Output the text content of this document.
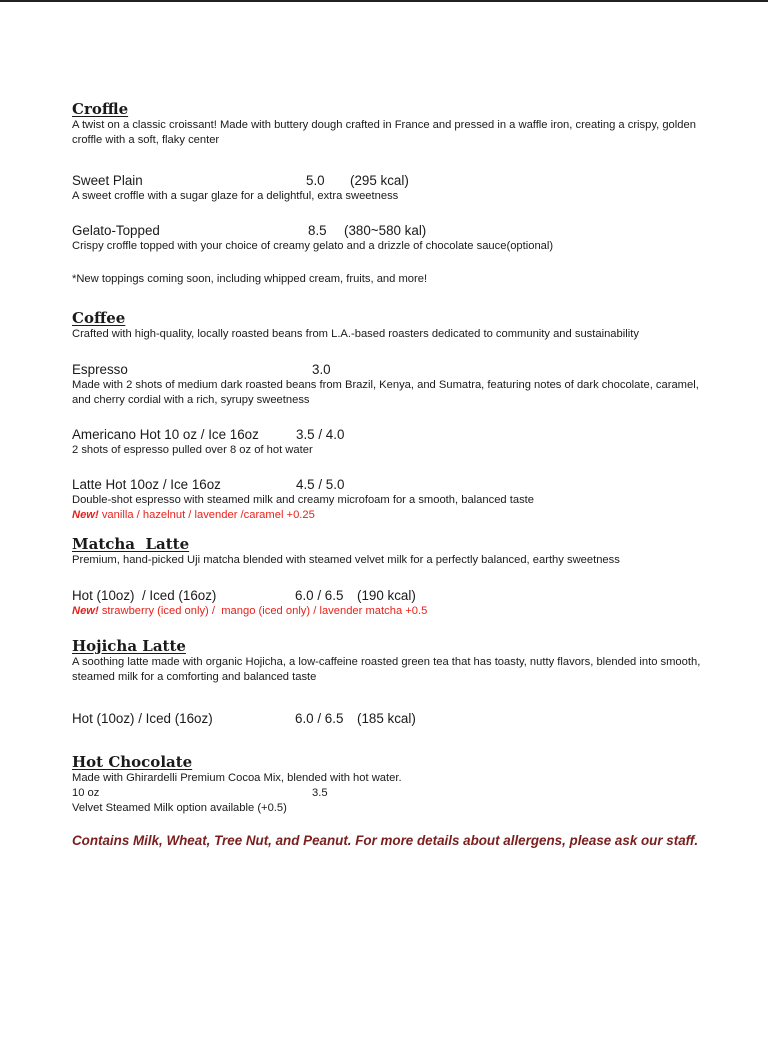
Croffle

A twist on a classic croissant! Made with buttery dough crafted in France and pressed in a waffle iron, creating a crispy, golden croffle with a soft, flaky center

Sweet Plain	5.0 (295 kcal)

A sweet croffle with a sugar glaze for a delightful, extra sweetness

Gelato-Topped	8.5 (380~580 kal)

Crispy croffle topped with your choice of creamy gelato and a drizzle of chocolate sauce(optional)

*New toppings coming soon, including whipped cream, fruits, and more!

Coffee

Crafted with high-quality, locally roasted beans from L.A.-based roasters dedicated to community and sustainability

Espresso	3.0

Made with 2 shots of medium dark roasted beans from Brazil, Kenya, and Sumatra, featuring notes of dark chocolate, caramel, and cherry cordial with a rich, syrupy sweetness

Americano Hot 10 oz / Ice 16oz	3.5 / 4.0

2 shots of espresso pulled over 8 oz of hot water

Latte Hot 10oz / Ice 16oz	4.5 / 5.0

Double-shot espresso with steamed milk and creamy microfoam for a smooth, balanced taste

New! vanilla / hazelnut / lavender /caramel +0.25

Matcha  Latte

Premium, hand-picked Uji matcha blended with steamed velvet milk for a perfectly balanced, earthy sweetness

Hot (10oz)  / Iced (16oz)	6.0 / 6.5 (190 kcal)

New! strawberry (iced only) /  mango (iced only) / lavender matcha +0.5

Hojicha Latte

A soothing latte made with organic Hojicha, a low-caffeine roasted green tea that has toasty, nutty flavors, blended into smooth, steamed milk for a comforting and balanced taste

Hot (10oz) / Iced (16oz)	6.0 / 6.5 (185 kcal)
Hot Chocolate

Made with Ghirardelli Premium Cocoa Mix, blended with hot water.

10 oz	3.5

Velvet Steamed Milk option available (+0.5)

Contains Milk, Wheat, Tree Nut, and Peanut. For more details about allergens, please ask our staff.
